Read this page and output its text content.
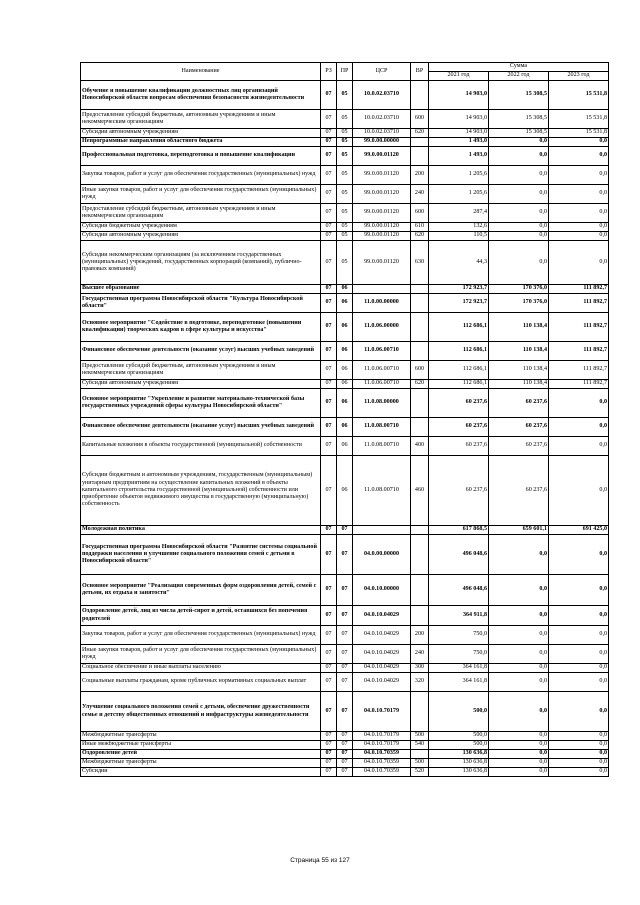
Наименование	РЗ	ПР	ЦСР	ВР	Сумма		
					2021 год	2022 год	2023 год
Обучение и повышение квалификации должностных лиц организаций Новосибирской области вопросам обеспечения безопасности жизнедеятельности	07	05	10.0.02.03710		14 903,0	15 308,5	15 531,8
Предоставление субсидий бюджетным, автономным учреждениям и иным некоммерческим организациям	07	05	10.0.02.03710	600	14 903,0	15 308,5	15 531,8
Субсидии автономным учреждениям	07	05	10.0.02.03710	620	14 903,0	15 308,5	15 531,8
Непрограммные направления областного бюджета	07	05	99.0.00.00000		1 493,0	0,0	0,0
Профессиональная подготовка, переподготовка и повышение квалификации	07	05	99.0.00.01120		1 493,0	0,0	0,0
Закупка товаров, работ и услуг для обеспечения государственных (муниципальных) нужд	07	05	99.0.00.01120	200	1 205,6	0,0	0,0
Иные закупки товаров, работ и услуг для обеспечения государственных (муниципальных) нужд	07	05	99.0.00.01120	240	1 205,6	0,0	0,0
Предоставление субсидий бюджетным, автономным учреждениям и иным некоммерческим организациям	07	05	99.0.00.01120	600	287,4	0,0	0,0
Субсидии бюджетным учреждениям	07	05	99.0.00.01120	610	132,6	0,0	0,0
Субсидии автономным учреждениям	07	05	99.0.00.01120	620	110,5	0,0	0,0
Субсидии некоммерческим организациям (за исключением государственных (муниципальных) учреждений, государственных корпораций (компаний), публично-правовых компаний)	07	05	99.0.00.01120	630	44,3	0,0	0,0
Высшее образование	07	06			172 923,7	170 376,0	111 892,7
Государственная программа Новосибирской области "Культура Новосибирской области"	07	06	11.0.00.00000		172 923,7	170 376,0	111 892,7
Основное мероприятие "Содействие в подготовке, переподготовке (повышении квалификации) творческих кадров в сфере культуры и искусства"	07	06	11.0.06.00000		112 686,1	110 138,4	111 892,7
Финансовое обеспечение деятельности (оказание услуг) высших учебных заведений	07	06	11.0.06.00710		112 686,1	110 138,4	111 892,7
Предоставление субсидий бюджетным, автономным учреждениям и иным некоммерческим организациям	07	06	11.0.06.00710	600	112 686,1	110 138,4	111 892,7
Субсидии автономным учреждениям	07	06	11.0.06.00710	620	112 686,1	110 138,4	111 892,7
Основное мероприятие "Укрепление и развитие материально-технической базы государственных учреждений сферы культуры Новосибирской области"	07	06	11.0.08.00000		60 237,6	60 237,6	0,0
Финансовое обеспечение деятельности (оказание услуг) высших учебных заведений	07	06	11.0.08.00710		60 237,6	60 237,6	0,0
Капитальные вложения в объекты государственной (муниципальной) собственности	07	06	11.0.08.00710	400	60 237,6	60 237,6	0,0
Субсидии бюджетным и автономным учреждениям, государственным (муниципальным) унитарным предприятиям на осуществление капитальных вложений в объекты капитального строительства государственной (муниципальной) собственности или приобретение объектов недвижимого имущества в государственную (муниципальную) собственность	07	06	11.0.08.00710	460	60 237,6	60 237,6	0,0
Молодежная политика	07	07			617 868,5	659 601,1	691 425,0
Государственная программа Новосибирской области "Развитие системы социальной поддержки населения и улучшение социального положения семей с детьми в Новосибирской области"	07	07	04.0.00.00000		496 048,6	0,0	0,0
Основное мероприятие "Реализация современных форм оздоровления детей, семей с детьми, их отдыха и занятости"	07	07	04.0.10.00000		496 048,6	0,0	0,0
Оздоровление детей, лиц из числа детей-сирот и детей, оставшихся без попечения родителей	07	07	04.0.10.04029		364 911,8	0,0	0,0
Закупка товаров, работ и услуг для обеспечения государственных (муниципальных) нужд	07	07	04.0.10.04029	200	750,0	0,0	0,0
Иные закупки товаров, работ и услуг для обеспечения государственных (муниципальных) нужд	07	07	04.0.10.04029	240	750,0	0,0	0,0
Социальное обеспечение и иные выплаты населению	07	07	04.0.10.04029	300	364 161,8	0,0	0,0
Социальные выплаты гражданам, кроме публичных нормативных социальных выплат	07	07	04.0.10.04029	320	364 161,8	0,0	0,0
Улучшение социального положения семей с детьми, обеспечение дружественности семье и детству общественных отношений и инфраструктуры жизнедеятельности	07	07	04.0.10.70179		500,0	0,0	0,0
Межбюджетные трансферты	07	07	04.0.10.70179	500	500,0	0,0	0,0
Иные межбюджетные трансферты	07	07	04.0.10.70179	540	500,0	0,0	0,0
Оздоровление детей	07	07	04.0.10.70359		130 636,8	0,0	0,0
Межбюджетные трансферты	07	07	04.0.10.70359	500	130 636,8	0,0	0,0
Субсидии	07	07	04.0.10.70359	520	130 636,8	0,0	0,0
Страница 55 из 127
